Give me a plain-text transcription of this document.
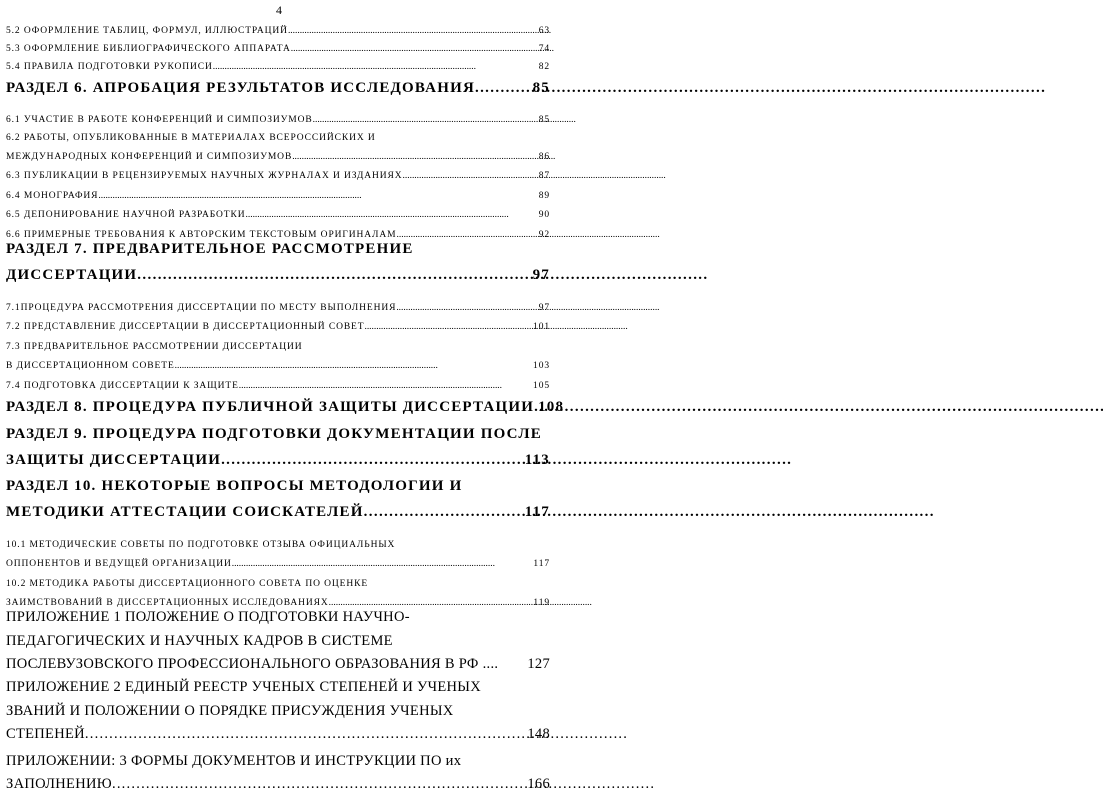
4
5.2 ОФОРМЛЕНИЕ ТАБЛИЦ, ФОРМУЛ, ИЛЛЮСТРАЦИЙ . . .	63
5.3 ОФОРМЛЕНИЕ БИБЛИОГРАФИЧЕСКОГО АППАРАТА . . .	74
5.4 ПРАВИЛА ПОДГОТОВКИ РУКОПИСИ . . .	82
РАЗДЕЛ 6. АПРОБАЦИЯ РЕЗУЛЬТАТОВ ИССЛЕДОВАНИЯ . . .	85
6.1 УЧАСТИЕ В РАБОТЕ КОНФЕРЕНЦИЙ И СИМПОЗИУМОВ . . .	85
6.2 РАБОТЫ, ОПУБЛИКОВАННЫЕ В МАТЕРИАЛАХ ВСЕРОССИЙСКИХ И
МЕЖДУНАРОДНЫХ КОНФЕРЕНЦИЙ И СИМПОЗИУМОВ . . .	86
6.3 ПУБЛИКАЦИИ В РЕЦЕНЗИРУЕМЫХ НАУЧНЫХ ЖУРНАЛАХ И ИЗДАНИЯХ . . .	87
6.4 МОНОГРАФИЯ . . .	89
6.5 ДЕПОНИРОВАНИЕ НАУЧНОЙ РАЗРАБОТКИ . . .	90
6.6 ПРИМЕРНЫЕ ТРЕБОВАНИЯ К АВТОРСКИМ ТЕКСТОВЫМ ОРИГИНАЛАМ . . .	92
РАЗДЕЛ 7. ПРЕДВАРИТЕЛЬНОЕ РАССМОТРЕНИЕ
ДИССЕРТАЦИИ . . .	97
7.1ПРОЦЕДУРА РАССМОТРЕНИЯ ДИССЕРТАЦИИ ПО МЕСТУ ВЫПОЛНЕНИЯ . . .	97
7.2 ПРЕДСТАВЛЕНИЕ ДИССЕРТАЦИИ В ДИССЕРТАЦИОННЫЙ СОВЕТ . . .	101
7.3 ПРЕДВАРИТЕЛЬНОЕ РАССМОТРЕНИИ ДИССЕРТАЦИИ
В ДИССЕРТАЦИОННОМ СОВЕТЕ . . .	103
7.4 ПОДГОТОВКА ДИССЕРТАЦИИ К ЗАЩИТЕ . . .	105
РАЗДЕЛ 8. ПРОЦЕДУРА ПУБЛИЧНОЙ ЗАЩИТЫ ДИССЕРТАЦИИ . . . 108
РАЗДЕЛ 9. ПРОЦЕДУРА ПОДГОТОВКИ ДОКУМЕНТАЦИИ ПОСЛЕ
ЗАЩИТЫ ДИССЕРТАЦИИ . . .	113
РАЗДЕЛ 10. НЕКОТОРЫЕ ВОПРОСЫ МЕТОДОЛОГИИ И
МЕТОДИКИ АТТЕСТАЦИИ СОИСКАТЕЛЕЙ . . .	117
10.1 МЕТОДИЧЕСКИЕ СОВЕТЫ ПО ПОДГОТОВКЕ ОТЗЫВА ОФИЦИАЛЬНЫХ
ОППОНЕНТОВ И ВЕДУЩЕЙ ОРГАНИЗАЦИИ . . .	117
10.2 МЕТОДИКА РАБОТЫ ДИССЕРТАЦИОННОГО СОВЕТА ПО ОЦЕНКЕ
ЗАИМСТВОВАНИЙ В ДИССЕРТАЦИОННЫХ ИССЛЕДОВАНИЯХ . . .	119
ПРИЛОЖЕНИЕ 1 ПОЛОЖЕНИЕ О ПОДГОТОВКИ НАУЧНО-
ПЕДАГОГИЧЕСКИХ И НАУЧНЫХ КАДРОВ В СИСТЕМЕ
ПОСЛЕВУЗОВСКОГО ПРОФЕССИОНАЛЬНОГО ОБРАЗОВАНИЯ В РФ .... 127
ПРИЛОЖЕНИЕ 2 ЕДИНЫЙ РЕЕСТР УЧЕНЫХ СТЕПЕНЕЙ И УЧЕНЫХ
ЗВАНИЙ И ПОЛОЖЕНИИ О ПОРЯДКЕ ПРИСУЖДЕНИЯ УЧЕНЫХ
СТЕПЕНЕЙ . . .	148
ПРИЛОЖЕНИИ: 3 ФОРМЫ ДОКУМЕНТОВ И ИНСТРУКЦИИ ПО их
ЗАПОЛНЕНИЮ . . .	166
